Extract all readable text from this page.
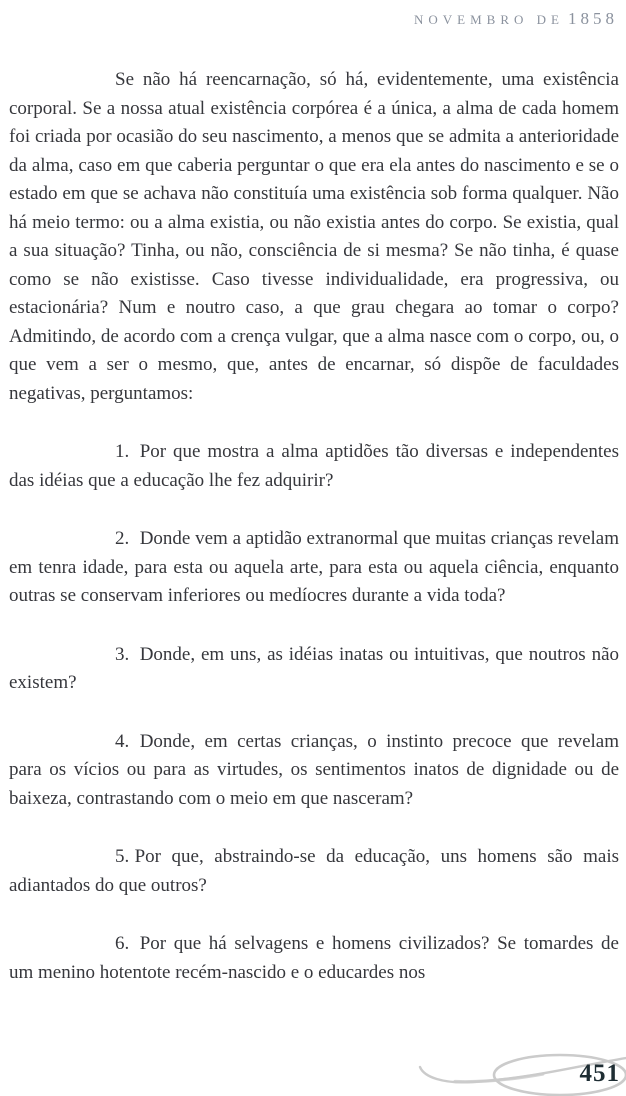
NOVEMBRO DE 1858

Se não há reencarnação, só há, evidentemente, uma existência corporal. Se a nossa atual existência corpórea é a única, a alma de cada homem foi criada por ocasião do seu nascimento, a menos que se admita a anterioridade da alma, caso em que caberia perguntar o que era ela antes do nascimento e se o estado em que se achava não constituía uma existência sob forma qualquer. Não há meio termo: ou a alma existia, ou não existia antes do corpo. Se existia, qual a sua situação? Tinha, ou não, consciência de si mesma? Se não tinha, é quase como se não existisse. Caso tivesse individualidade, era progressiva, ou estacionária? Num e noutro caso, a que grau chegara ao tomar o corpo? Admitindo, de acordo com a crença vulgar, que a alma nasce com o corpo, ou, o que vem a ser o mesmo, que, antes de encarnar, só dispõe de faculdades negativas, perguntamos:

1. Por que mostra a alma aptidões tão diversas e independentes das idéias que a educação lhe fez adquirir?

2. Donde vem a aptidão extranormal que muitas crianças revelam em tenra idade, para esta ou aquela arte, para esta ou aquela ciência, enquanto outras se conservam inferiores ou medíocres durante a vida toda?

3. Donde, em uns, as idéias inatas ou intuitivas, que noutros não existem?

4. Donde, em certas crianças, o instinto precoce que revelam para os vícios ou para as virtudes, os sentimentos inatos de dignidade ou de baixeza, contrastando com o meio em que nasceram?

5. Por que, abstraindo-se da educação, uns homens são mais adiantados do que outros?

6. Por que há selvagens e homens civilizados? Se tomardes de um menino hotentote recém-nascido e o educardes nos

451
